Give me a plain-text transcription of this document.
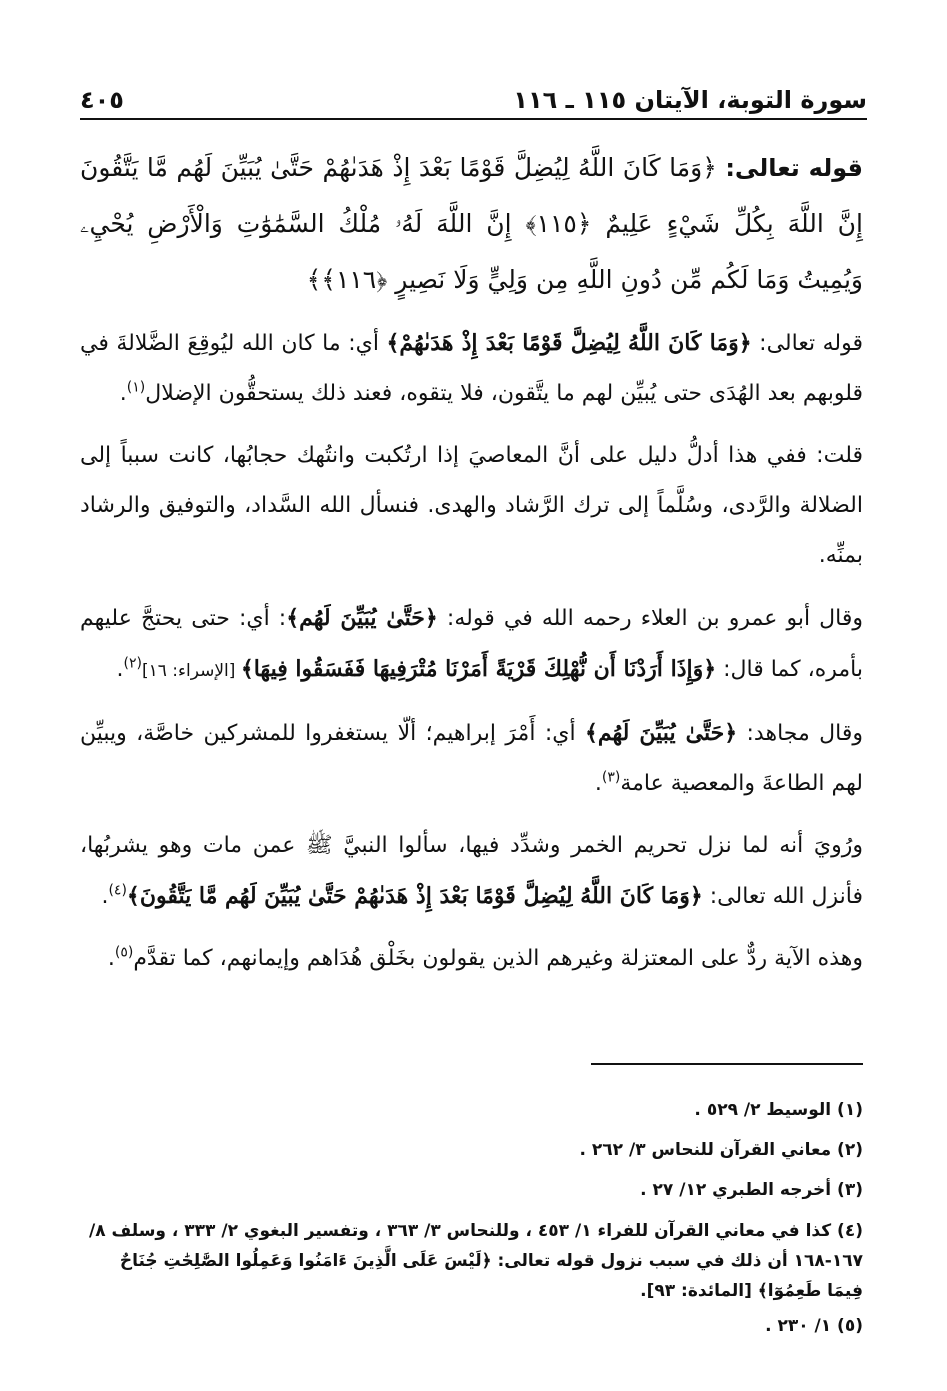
سورة التوبة، الآيتان ١١٥ ـ ١١٦
٤٠٥

قوله تعالى: ﴿وَمَا كَانَ اللَّهُ لِيُضِلَّ قَوْمًا بَعْدَ إِذْ هَدَىٰهُمْ حَتَّىٰ يُبَيِّنَ لَهُم مَّا يَتَّقُونَ إِنَّ اللَّهَ بِكُلِّ شَيْءٍ عَلِيمٌ ﴿١١٥﴾ إِنَّ اللَّهَ لَهُۥ مُلْكُ السَّمَٰوَٰتِ وَالْأَرْضِ يُحْيِۦ وَيُمِيتُ وَمَا لَكُم مِّن دُونِ اللَّهِ مِن وَلِيٍّ وَلَا نَصِيرٍ ﴿١١٦﴾﴾

قوله تعالى: ﴿وَمَا كَانَ اللَّهُ لِيُضِلَّ قَوْمًا بَعْدَ إِذْ هَدَىٰهُمْ﴾ أي: ما كان الله ليُوقِعَ الضَّلالةَ في قلوبهم بعد الهُدَى حتى يُبيِّن لهم ما يتَّقون، فلا يتقوه، فعند ذلك يستحقُّون الإضلال$^{(١)}$.

قلت: ففي هذا أدلُّ دليل على أنَّ المعاصيَ إذا ارتُكبت وانتُهك حجابُها، كانت سبباً إلى الضلالة والرَّدى، وسُلَّماً إلى ترك الرَّشاد والهدى. فنسأل الله السَّداد، والتوفيق والرشاد بمنِّه.

وقال أبو عمرو بن العلاء رحمه الله في قوله: ﴿حَتَّىٰ يُبَيِّنَ لَهُم﴾: أي: حتى يحتجَّ عليهم بأمره، كما قال: ﴿وَإِذَا أَرَدْنَا أَن نُّهْلِكَ قَرْيَةً أَمَرْنَا مُتْرَفِيهَا فَفَسَقُوا فِيهَا﴾ [الإسراء: ١٦]$^{(٢)}$.

وقال مجاهد: ﴿حَتَّىٰ يُبَيِّنَ لَهُم﴾ أي: أَمْرَ إبراهيم؛ ألّا يستغفروا للمشركين خاصَّة، ويبيِّن لهم الطاعةَ والمعصية عامة$^{(٣)}$.

ورُويَ أنه لما نزل تحريم الخمر وشدِّد فيها، سألوا النبيَّ ﷺ عمن مات وهو يشربُها، فأنزل الله تعالى: ﴿وَمَا كَانَ اللَّهُ لِيُضِلَّ قَوْمًا بَعْدَ إِذْ هَدَىٰهُمْ حَتَّىٰ يُبَيِّنَ لَهُم مَّا يَتَّقُونَ﴾$^{(٤)}$.

وهذه الآية ردٌّ على المعتزلة وغيرهم الذين يقولون بخَلْق هُدَاهم وإيمانهم، كما تقدَّم$^{(٥)}$.

(١) الوسيط ٢/ ٥٢٩ .

(٢) معاني القرآن للنحاس ٣/ ٢٦٢ .

(٣) أخرجه الطبري ١٢/ ٢٧ .

(٤) كذا في معاني القرآن للفراء ١/ ٤٥٣ ، وللنحاس ٣/ ٣٦٣ ، وتفسير البغوي ٢/ ٣٣٣ ، وسلف ٨/ ١٦٧-١٦٨ أن ذلك في سبب نزول قوله تعالى: ﴿لَيْسَ عَلَى الَّذِينَ ءَامَنُوا وَعَمِلُوا الصَّٰلِحَٰتِ جُنَاحٌ فِيمَا طَعِمُوٓا﴾ [المائدة: ٩٣].

(٥) ١/ ٢٣٠ .
